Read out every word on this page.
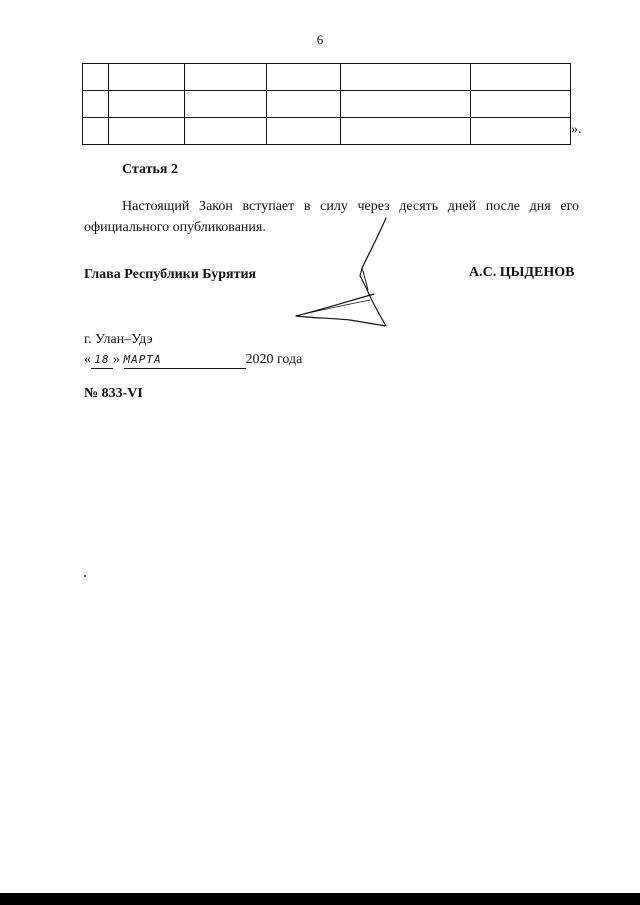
6

».
Статья 2
Настоящий Закон вступает в силу через десять дней после дня его официального опубликования.
Глава Республики Бурятия	А.С. ЦЫДЕНОВ
г. Улан–Удэ
« 18 » МАРТА	2020 года
№ 833-VI
